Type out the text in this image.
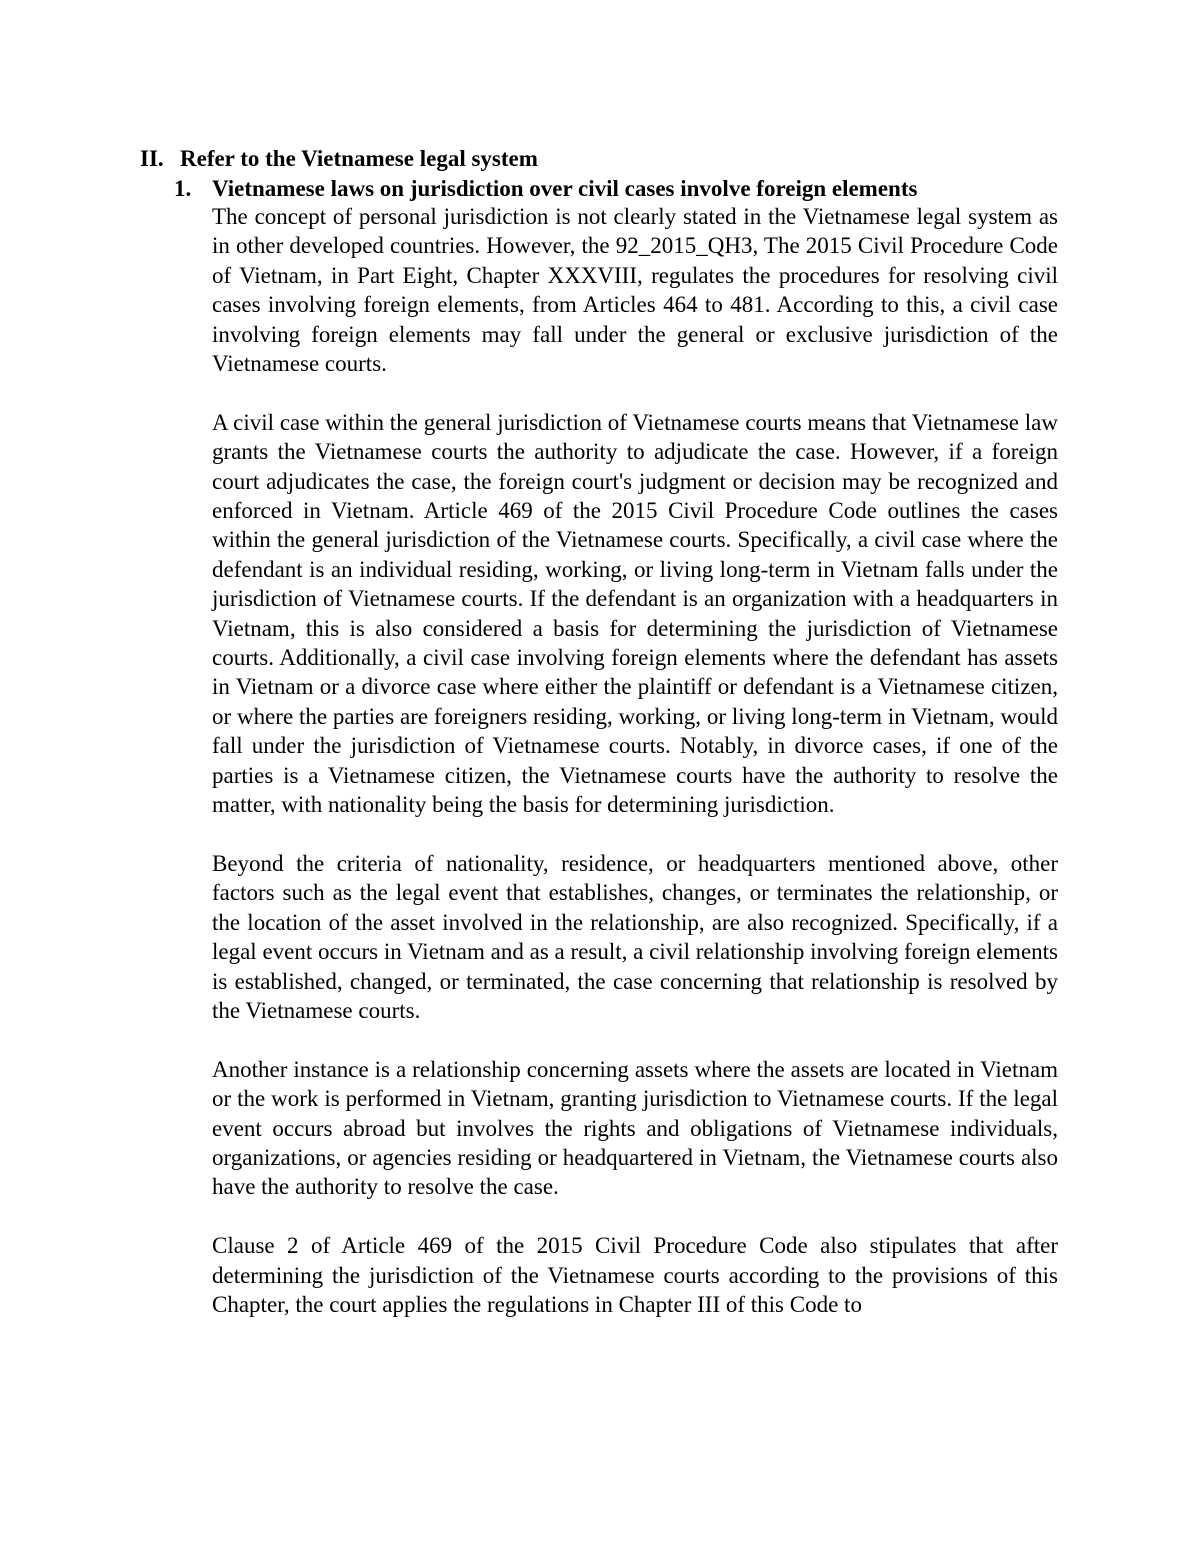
II. Refer to the Vietnamese legal system
1. Vietnamese laws on jurisdiction over civil cases involve foreign elements

The concept of personal jurisdiction is not clearly stated in the Vietnamese legal system as in other developed countries. However, the 92_2015_QH3, The 2015 Civil Procedure Code of Vietnam, in Part Eight, Chapter XXXVIII, regulates the procedures for resolving civil cases involving foreign elements, from Articles 464 to 481. According to this, a civil case involving foreign elements may fall under the general or exclusive jurisdiction of the Vietnamese courts.

A civil case within the general jurisdiction of Vietnamese courts means that Vietnamese law grants the Vietnamese courts the authority to adjudicate the case. However, if a foreign court adjudicates the case, the foreign court's judgment or decision may be recognized and enforced in Vietnam. Article 469 of the 2015 Civil Procedure Code outlines the cases within the general jurisdiction of the Vietnamese courts. Specifically, a civil case where the defendant is an individual residing, working, or living long-term in Vietnam falls under the jurisdiction of Vietnamese courts. If the defendant is an organization with a headquarters in Vietnam, this is also considered a basis for determining the jurisdiction of Vietnamese courts. Additionally, a civil case involving foreign elements where the defendant has assets in Vietnam or a divorce case where either the plaintiff or defendant is a Vietnamese citizen, or where the parties are foreigners residing, working, or living long-term in Vietnam, would fall under the jurisdiction of Vietnamese courts. Notably, in divorce cases, if one of the parties is a Vietnamese citizen, the Vietnamese courts have the authority to resolve the matter, with nationality being the basis for determining jurisdiction.

Beyond the criteria of nationality, residence, or headquarters mentioned above, other factors such as the legal event that establishes, changes, or terminates the relationship, or the location of the asset involved in the relationship, are also recognized. Specifically, if a legal event occurs in Vietnam and as a result, a civil relationship involving foreign elements is established, changed, or terminated, the case concerning that relationship is resolved by the Vietnamese courts.

Another instance is a relationship concerning assets where the assets are located in Vietnam or the work is performed in Vietnam, granting jurisdiction to Vietnamese courts. If the legal event occurs abroad but involves the rights and obligations of Vietnamese individuals, organizations, or agencies residing or headquartered in Vietnam, the Vietnamese courts also have the authority to resolve the case.

Clause 2 of Article 469 of the 2015 Civil Procedure Code also stipulates that after determining the jurisdiction of the Vietnamese courts according to the provisions of this Chapter, the court applies the regulations in Chapter III of this Code to
